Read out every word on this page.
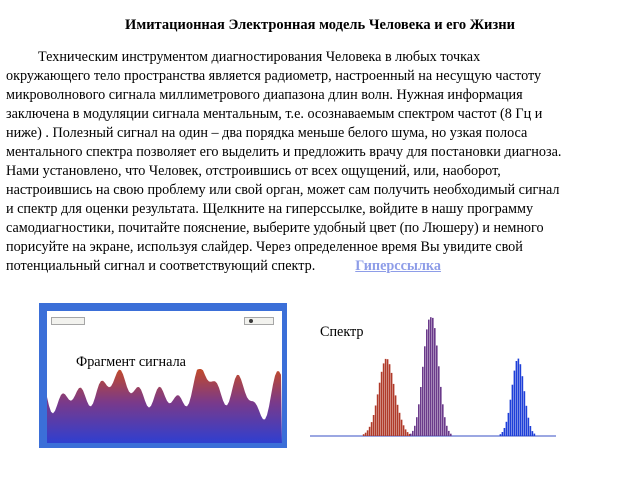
Имитационная Электронная модель Человека и его Жизни
Техническим инструментом диагностирования Человека в любых точках
окружающего тело пространства является радиометр, настроенный на несущую частоту
микроволнового сигнала миллиметрового диапазона длин волн. Нужная информация
заключена в модуляции сигнала ментальным, т.е. осознаваемым спектром частот (8 Гц и
ниже) . Полезный сигнал на один – два порядка меньше белого шума, но узкая полоса
ментального спектра позволяет его выделить и предложить врачу для постановки диагноза.
Нами установлено, что Человек, отстроившись от всех ощущений, или, наоборот,
настроившись на свою проблему или свой орган, может сам получить необходимый сигнал
и спектр для оценки результата. Щелкните на гиперссылке, войдите в нашу программу
самодиагностики, почитайте пояснение, выберите удобный цвет (по Люшеру) и немного
порисуйте на экране, используя слайдер. Через определенное время Вы увидите свой
потенциальный сигнал и соответствующий спектр.	Гиперссылка
Фрагмент сигнала
Спектр
